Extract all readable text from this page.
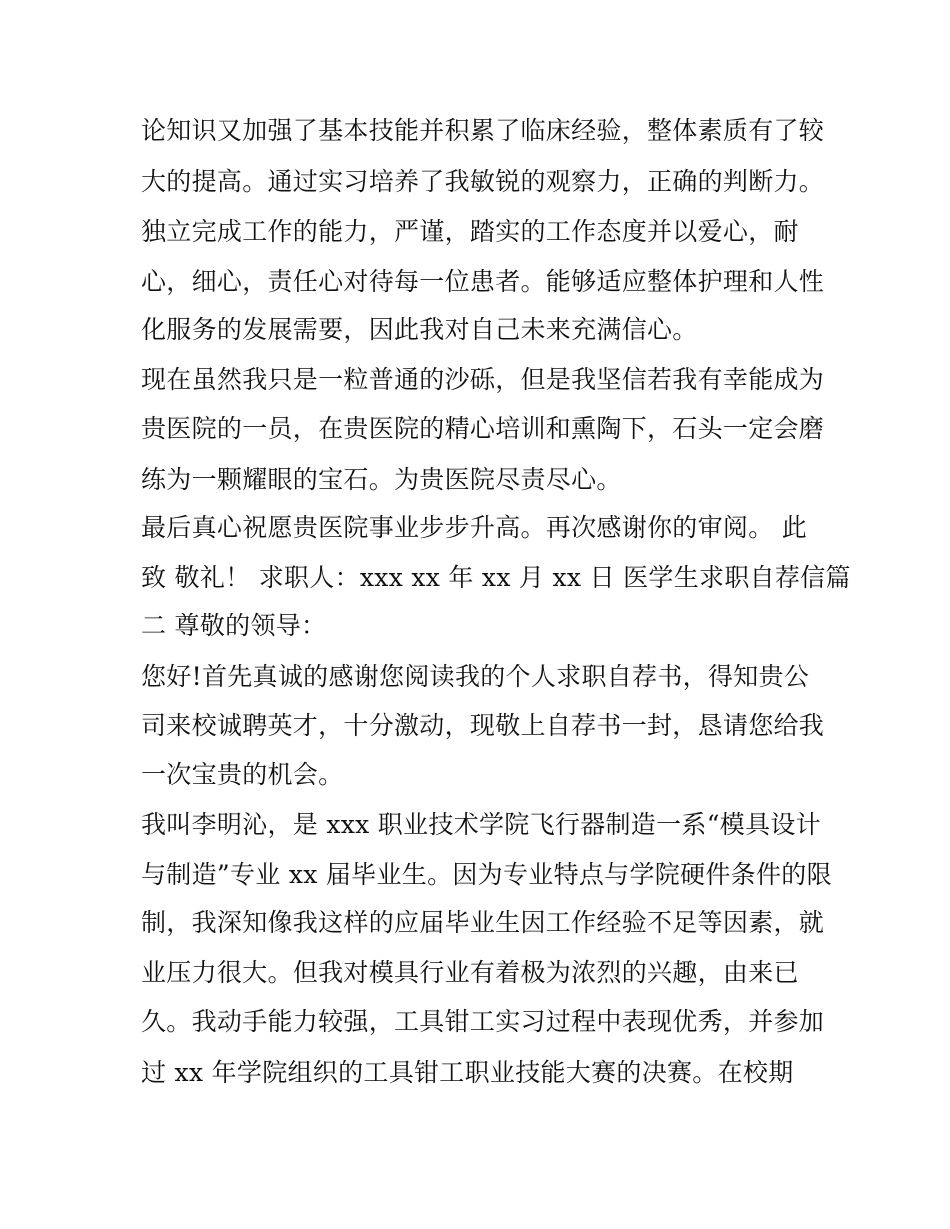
论知识又加强了基本技能并积累了临床经验，整体素质有了较
大的提高。通过实习培养了我敏锐的观察力，正确的判断力。
独立完成工作的能力，严谨，踏实的工作态度并以爱心，耐
心，细心，责任心对待每一位患者。能够适应整体护理和人性
化服务的发展需要，因此我对自己未来充满信心。
现在虽然我只是一粒普通的沙砾，但是我坚信若我有幸能成为
贵医院的一员，在贵医院的精心培训和熏陶下，石头一定会磨
练为一颗耀眼的宝石。为贵医院尽责尽心。
最后真心祝愿贵医院事业步步升高。再次感谢你的审阅。 此
致 敬礼！ 求职人：xxx xx 年 xx 月 xx 日 医学生求职自荐信篇
二 尊敬的领导：
您好!首先真诚的感谢您阅读我的个人求职自荐书，得知贵公
司来校诚聘英才，十分激动，现敬上自荐书一封，恳请您给我
一次宝贵的机会。
我叫李明沁，是 xxx 职业技术学院飞行器制造一系“模具设计
与制造”专业 xx 届毕业生。因为专业特点与学院硬件条件的限
制，我深知像我这样的应届毕业生因工作经验不足等因素，就
业压力很大。但我对模具行业有着极为浓烈的兴趣，由来已
久。我动手能力较强，工具钳工实习过程中表现优秀，并参加
过 xx 年学院组织的工具钳工职业技能大赛的决赛。在校期
